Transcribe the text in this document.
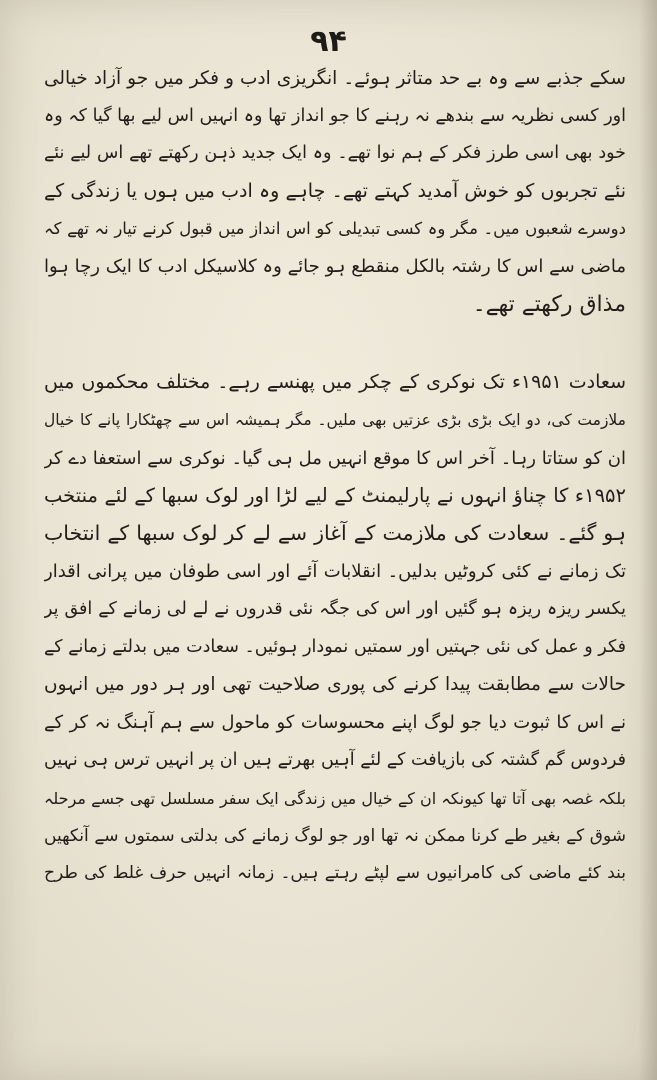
۹۴
سکے جذبے سے وہ بے حد متاثر ہوئے۔ انگریزی ادب و فکر میں جو آزاد خیالی
اور کسی نظریہ سے بندھے نہ رہنے کا جو انداز تھا وہ انہیں اس لیے بھا گیا کہ وہ
خود بھی اسی طرز فکر کے ہم نوا تھے۔ وہ ایک جدید ذہن رکھتے تھے اس لیے نئے
نئے تجربوں کو خوش آمدید کہتے تھے۔ چاہے وہ ادب میں ہوں یا زندگی کے
دوسرے شعبوں میں۔ مگر وہ کسی تبدیلی کو اس انداز میں قبول کرنے تیار نہ تھے کہ
ماضی سے اس کا رشتہ بالکل منقطع ہو جائے وہ کلاسیکل ادب کا ایک رچا ہوا
مذاق رکھتے تھے۔
سعادت ۱۹۵۱ء تک نوکری کے چکر میں پھنسے رہے۔ مختلف محکموں میں
ملازمت کی، دو ایک بڑی بڑی عزتیں بھی ملیں۔ مگر ہمیشہ اس سے چھٹکارا پانے کا خیال
ان کو ستاتا رہا۔ آخر اس کا موقع انہیں مل ہی گیا۔ نوکری سے استعفا دے کر
۱۹۵۲ء کا چناؤ انہوں نے پارلیمنٹ کے لیے لڑا اور لوک سبھا کے لئے منتخب
ہو گئے۔ سعادت کی ملازمت کے آغاز سے لے کر لوک سبھا کے انتخاب
تک زمانے نے کئی کروٹیں بدلیں۔ انقلابات آئے اور اسی طوفان میں پرانی اقدار
یکسر ریزہ ریزہ ہو گئیں اور اس کی جگہ نئی قدروں نے لے لی زمانے کے افق پر
فکر و عمل کی نئی جہتیں اور سمتیں نمودار ہوئیں۔ سعادت میں بدلتے زمانے کے
حالات سے مطابقت پیدا کرنے کی پوری صلاحیت تھی اور ہر دور میں انہوں
نے اس کا ثبوت دیا جو لوگ اپنے محسوسات کو ماحول سے ہم آہنگ نہ کر کے
فردوس گم گشتہ کی بازیافت کے لئے آہیں بھرتے ہیں ان پر انہیں ترس ہی نہیں
بلکہ غصہ بھی آتا تھا کیونکہ ان کے خیال میں زندگی ایک سفر مسلسل تھی جسے مرحلہ
شوق کے بغیر طے کرنا ممکن نہ تھا اور جو لوگ زمانے کی بدلتی سمتوں سے آنکھیں
بند کئے ماضی کی کامرانیوں سے لپٹے رہتے ہیں۔ زمانہ انہیں حرف غلط کی طرح
